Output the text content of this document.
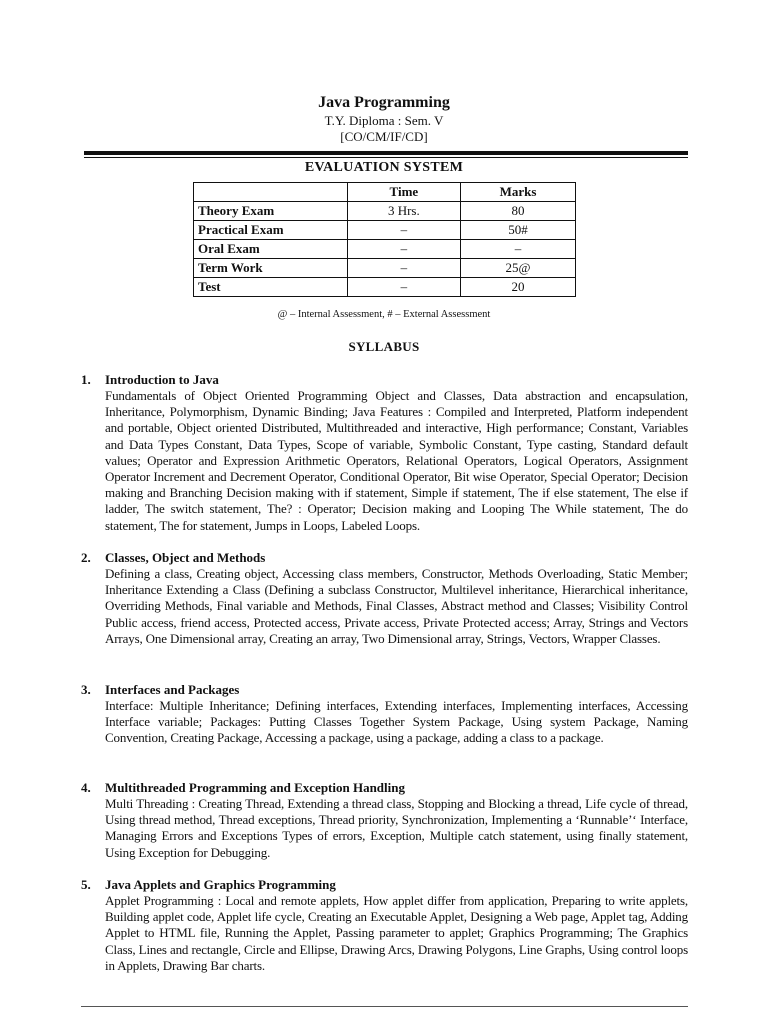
Java Programming
T.Y. Diploma : Sem. V
[CO/CM/IF/CD]
EVALUATION SYSTEM
	Time	Marks
Theory Exam	3 Hrs.	80
Practical Exam	–	50#
Oral Exam	–	–
Term Work	–	25@
Test	–	20
@ – Internal Assessment, # – External Assessment
SYLLABUS
1. Introduction to Java
Fundamentals of Object Oriented Programming Object and Classes, Data abstraction and encapsulation, Inheritance, Polymorphism, Dynamic Binding; Java Features : Compiled and Interpreted, Platform independent and portable, Object oriented Distributed, Multithreaded and interactive, High performance; Constant, Variables and Data Types Constant, Data Types, Scope of variable, Symbolic Constant, Type casting, Standard default values; Operator and Expression Arithmetic Operators, Relational Operators, Logical Operators, Assignment Operator Increment and Decrement Operator, Conditional Operator, Bit wise Operator, Special Operator; Decision making and Branching Decision making with if statement, Simple if statement, The if else statement, The else if ladder, The switch statement, The? : Operator; Decision making and Looping The While statement, The do statement, The for statement, Jumps in Loops, Labeled Loops.
2. Classes, Object and Methods
Defining a class, Creating object, Accessing class members, Constructor, Methods Overloading, Static Member; Inheritance Extending a Class (Defining a subclass Constructor, Multilevel inheritance, Hierarchical inheritance, Overriding Methods, Final variable and Methods, Final Classes, Abstract method and Classes; Visibility Control Public access, friend access, Protected access, Private access, Private Protected access; Array, Strings and Vectors Arrays, One Dimensional array, Creating an array, Two Dimensional array, Strings, Vectors, Wrapper Classes.
3. Interfaces and Packages
Interface: Multiple Inheritance; Defining interfaces, Extending interfaces, Implementing interfaces, Accessing Interface variable; Packages: Putting Classes Together System Package, Using system Package, Naming Convention, Creating Package, Accessing a package, using a package, adding a class to a package.
4. Multithreaded Programming and Exception Handling
Multi Threading : Creating Thread, Extending a thread class, Stopping and Blocking a thread, Life cycle of thread, Using thread method, Thread exceptions, Thread priority, Synchronization, Implementing a ‘Runnable’‘ Interface, Managing Errors and Exceptions Types of errors, Exception, Multiple catch statement, using finally statement, Using Exception for Debugging.
5. Java Applets and Graphics Programming
Applet Programming : Local and remote applets, How applet differ from application, Preparing to write applets, Building applet code, Applet life cycle, Creating an Executable Applet, Designing a Web page, Applet tag, Adding Applet to HTML file, Running the Applet, Passing parameter to applet; Graphics Programming; The Graphics Class, Lines and rectangle, Circle and Ellipse, Drawing Arcs, Drawing Polygons, Line Graphs, Using control loops in Applets, Drawing Bar charts.
